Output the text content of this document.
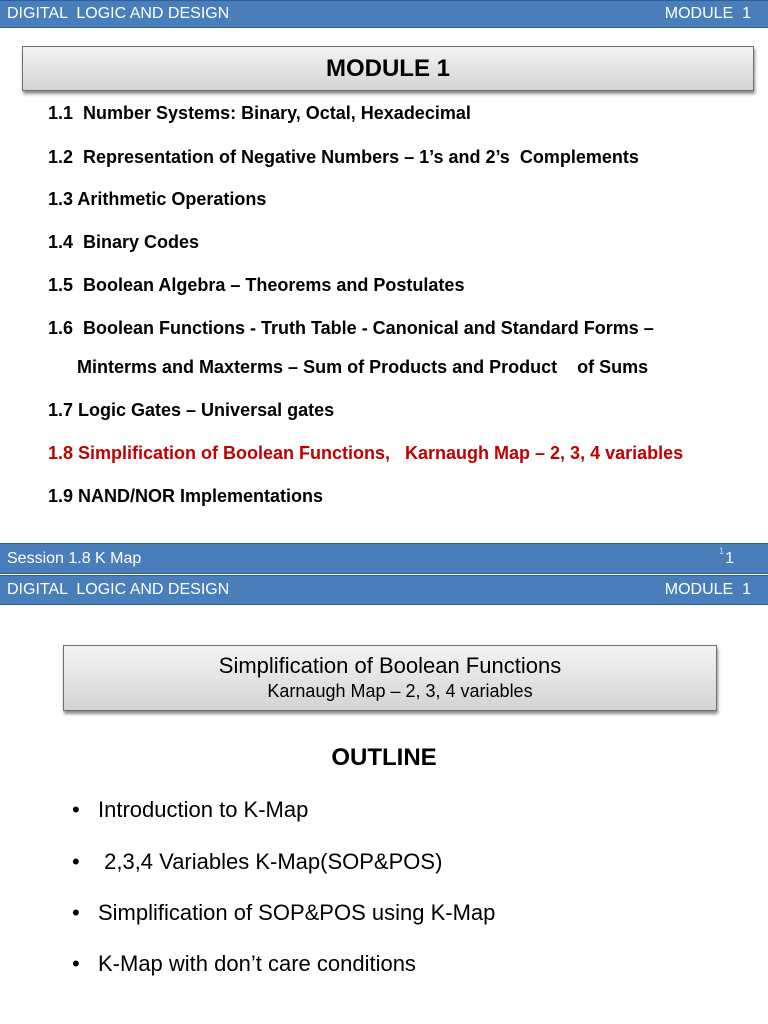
DIGITAL  LOGIC AND DESIGN	MODULE  1
MODULE 1
1.1  Number Systems: Binary, Octal, Hexadecimal
1.2  Representation of Negative Numbers – 1’s and 2’s  Complements
1.3 Arithmetic Operations
1.4  Binary Codes
1.5  Boolean Algebra – Theorems and Postulates
1.6  Boolean Functions - Truth Table - Canonical and Standard Forms –
Minterms and Maxterms – Sum of Products and Product    of Sums
1.7 Logic Gates – Universal gates
1.8 Simplification of Boolean Functions,   Karnaugh Map – 2, 3, 4 variables
1.9 NAND/NOR Implementations
Session 1.8 K Map	1 1
DIGITAL  LOGIC AND DESIGN	MODULE  1
Simplification of Boolean Functions
Karnaugh Map – 2, 3, 4 variables
OUTLINE
• Introduction to K-Map
• 2,3,4 Variables K-Map(SOP&POS)
• Simplification of SOP&POS using K-Map
• K-Map with don’t care conditions
